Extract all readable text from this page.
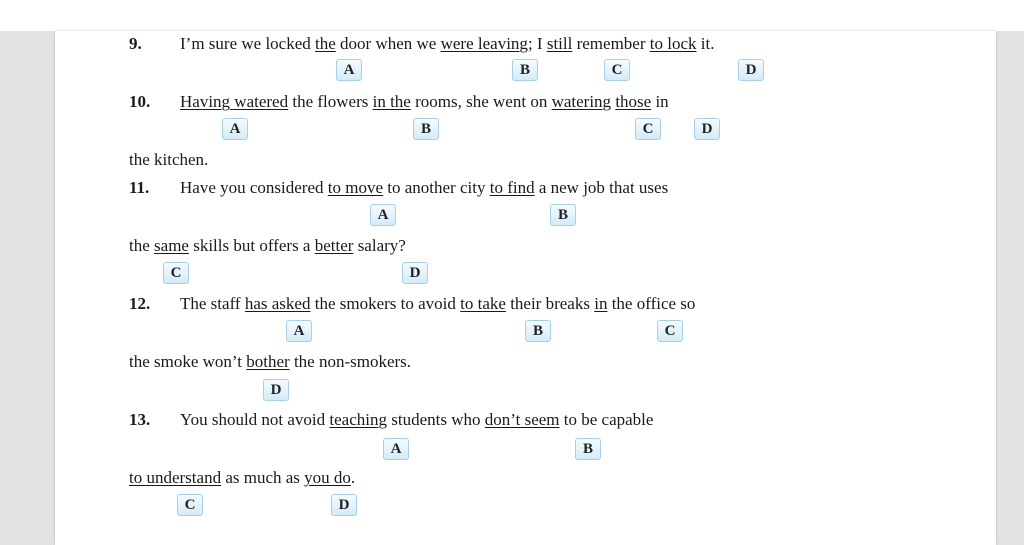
9. I’m sure we locked the door when we were leaving; I still remember to lock it.
A	B	C	D
10. Having watered the flowers in the rooms, she went on watering those in
A	B	C	D
the kitchen.
11. Have you considered to move to another city to find a new job that uses
A	B
the same skills but offers a better salary?
C	D
12. The staff has asked the smokers to avoid to take their breaks in the office so
A	B	C
the smoke won’t bother the non-smokers.
D
13. You should not avoid teaching students who don’t seem to be capable
A	B
to understand as much as you do.
C	D
